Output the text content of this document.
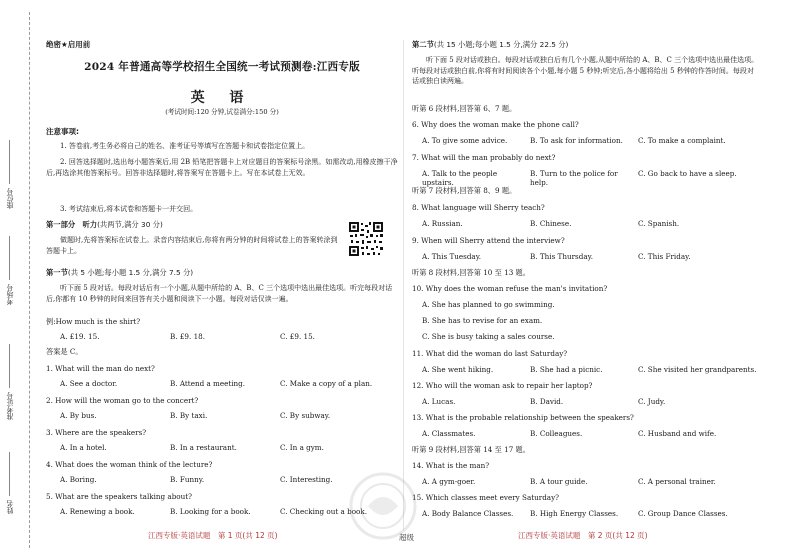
座位号
考场号
准考证号
姓名
绝密★启用前
2024 年普通高等学校招生全国统一考试预测卷:江西专版
英 语
(考试时间:120 分钟,试卷满分:150 分)
注意事项:
1. 答卷前,考生务必将自己的姓名、准考证号等填写在答题卡和试卷指定位置上。
2. 回答选择题时,选出每小题答案后,用 2B 铅笔把答题卡上对应题目的答案标号涂黑。如需改动,用橡皮擦干净后,再选涂其他答案标号。回答非选择题时,将答案写在答题卡上。写在本试卷上无效。
3. 考试结束后,将本试卷和答题卡一并交回。
第一部分　听力(共两节,满分 30 分)
做题时,先将答案标在试卷上。录音内容结束后,你将有两分钟的时间将试卷上的答案转涂到答题卡上。
第一节(共 5 小题;每小题 1.5 分,满分 7.5 分)
听下面 5 段对话。每段对话后有一个小题,从题中所给的 A、B、C 三个选项中选出最佳选项。听完每段对话后,你都有 10 秒钟的时间来回答有关小题和阅读下一小题。每段对话仅读一遍。
例:How much is the shirt?
A. £19. 15.	B. £9. 18.	C. £9. 15.
答案是 C。
1. What will the man do next?
A. See a doctor.	B. Attend a meeting.	C. Make a copy of a plan.
2. How will the woman go to the concert?
A. By bus.	B. By taxi.	C. By subway.
3. Where are the speakers?
A. In a hotel.	B. In a restaurant.	C. In a gym.
4. What does the woman think of the lecture?
A. Boring.	B. Funny.	C. Interesting.
5. What are the speakers talking about?
A. Renewing a book.	B. Looking for a book.	C. Checking out a book.
江西专版·英语试题　第 1 页(共 12 页)
第二节(共 15 小题;每小题 1.5 分,满分 22.5 分)
听下面 5 段对话或独白。每段对话或独白后有几个小题,从题中所给的 A、B、C 三个选项中选出最佳选项。听每段对话或独白前,你将有时间阅读各个小题,每小题 5 秒钟;听完后,各小题将给出 5 秒钟的作答时间。每段对话或独白读两遍。
听第 6 段材料,回答第 6、7 题。
6. Why does the woman make the phone call?
A. To give some advice.	B. To ask for information.	C. To make a complaint.
7. What will the man probably do next?
A. Talk to the people upstairs.
B. Turn to the police for help.
C. Go back to have a sleep.
听第 7 段材料,回答第 8、9 题。
8. What language will Sherry teach?
A. Russian.	B. Chinese.	C. Spanish.
9. When will Sherry attend the interview?
A. This Tuesday.	B. This Thursday.	C. This Friday.
听第 8 段材料,回答第 10 至 13 题。
10. Why does the woman refuse the man's invitation?
A. She has planned to go swimming.
B. She has to revise for an exam.
C. She is busy taking a sales course.
11. What did the woman do last Saturday?
A. She went hiking.	B. She had a picnic.	C. She visited her grandparents.
12. Who will the woman ask to repair her laptop?
A. Lucas.	B. David.	C. Judy.
13. What is the probable relationship between the speakers?
A. Classmates.	B. Colleagues.	C. Husband and wife.
听第 9 段材料,回答第 14 至 17 题。
14. What is the man?
A. A gym-goer.	B. A tour guide.	C. A personal trainer.
15. Which classes meet every Saturday?
A. Body Balance Classes.	B. High Energy Classes.	C. Group Dance Classes.
江西专版·英语试题　第 2 页(共 12 页)
超级
